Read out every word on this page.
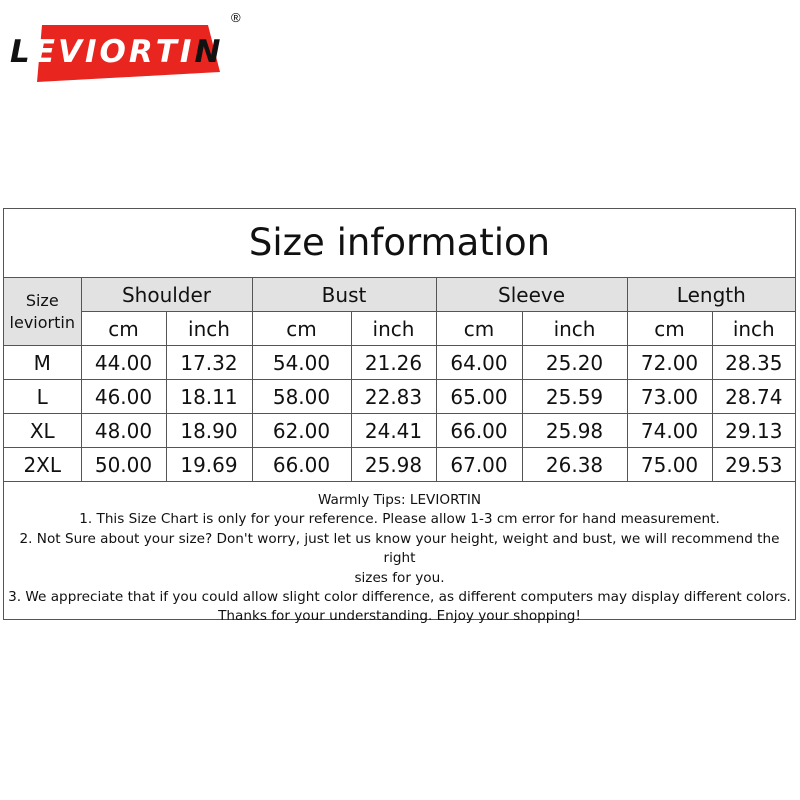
L EVIORTIN
®
Size information
Size leviortin	Shoulder		Bust		Sleeve		Length	
	cm	inch	cm	inch	cm	inch	cm	inch
M	44.00	17.32	54.00	21.26	64.00	25.20	72.00	28.35
L	46.00	18.11	58.00	22.83	65.00	25.59	73.00	28.74
XL	48.00	18.90	62.00	24.41	66.00	25.98	74.00	29.13
2XL	50.00	19.69	66.00	25.98	67.00	26.38	75.00	29.53
Warmly Tips: LEVIORTIN
1. This Size Chart is only for your reference. Please allow 1-3 cm error for hand measurement.
2. Not Sure about your size? Don't worry, just let us know your height, weight and bust, we will recommend the right
sizes for you.
3. We appreciate that if you could allow slight color difference, as different computers may display different colors.
Thanks for your understanding. Enjoy your shopping!
